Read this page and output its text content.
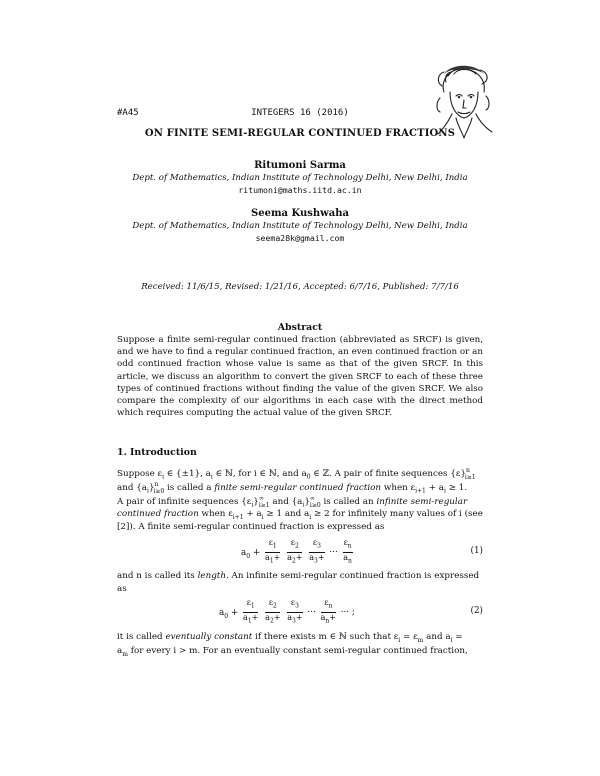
#A45	INTEGERS 16 (2016)
ON FINITE SEMI-REGULAR CONTINUED FRACTIONS
Ritumoni Sarma
Dept. of Mathematics, Indian Institute of Technology Delhi, New Delhi, India
ritumoni@maths.iitd.ac.in
Seema Kushwaha
Dept. of Mathematics, Indian Institute of Technology Delhi, New Delhi, India
seema28k@gmail.com
Received: 11/6/15, Revised: 1/21/16, Accepted: 6/7/16, Published: 7/7/16
Abstract
Suppose a finite semi-regular continued fraction (abbreviated as SRCF) is given, and we have to find a regular continued fraction, an even continued fraction or an odd continued fraction whose value is same as that of the given SRCF. In this article, we discuss an algorithm to convert the given SRCF to each of these three types of continued fractions without finding the value of the given SRCF. We also compare the complexity of our algorithms in each case with the direct method which requires computing the actual value of the given SRCF.
1. Introduction
Suppose $\varepsilon_i$ ∈ {±1}, $a_i$ ∈ ℕ, for i ∈ ℕ, and $a_0$ ∈ ℤ. A pair of finite sequences $\{\varepsilon\}^n_{i\ge 1}$
and $\{a_i\}^n_{i\ge 0}$ is called a finite semi-regular continued fraction when $\varepsilon_{i+1} + a_i \ge 1$.
A pair of infinite sequences $\{\varepsilon_i\}^\infty_{i\ge 1}$ and $\{a_i\}^\infty_{i\ge 0}$ is called an infinite semi-regular
continued fraction when $\varepsilon_{i+1} + a_i \ge 1$ and $a_i \ge 2$ for infinitely many values of i (see
[2]). A finite semi-regular continued fraction is expressed as
$a_0 + \frac{\varepsilon_1}{a_1+}$
$\frac{\varepsilon_2}{a_2+}$
$\frac{\varepsilon_3}{a_3+}$ ··· $\frac{\varepsilon_n}{a_n}$	(1)
and n is called its length. An infinite semi-regular continued fraction is expressed
as
$a_0 + \frac{\varepsilon_1}{a_1+}$
$\frac{\varepsilon_2}{a_2+}$
$\frac{\varepsilon_3}{a_3+}$ ··· $\frac{\varepsilon_n}{a_n+}$ ··· ;	(2)
it is called eventually constant if there exists m ∈ ℕ such that $\varepsilon_i = \varepsilon_m$ and $a_i$ =
$a_m$ for every i > m. For an eventually constant semi-regular continued fraction,
